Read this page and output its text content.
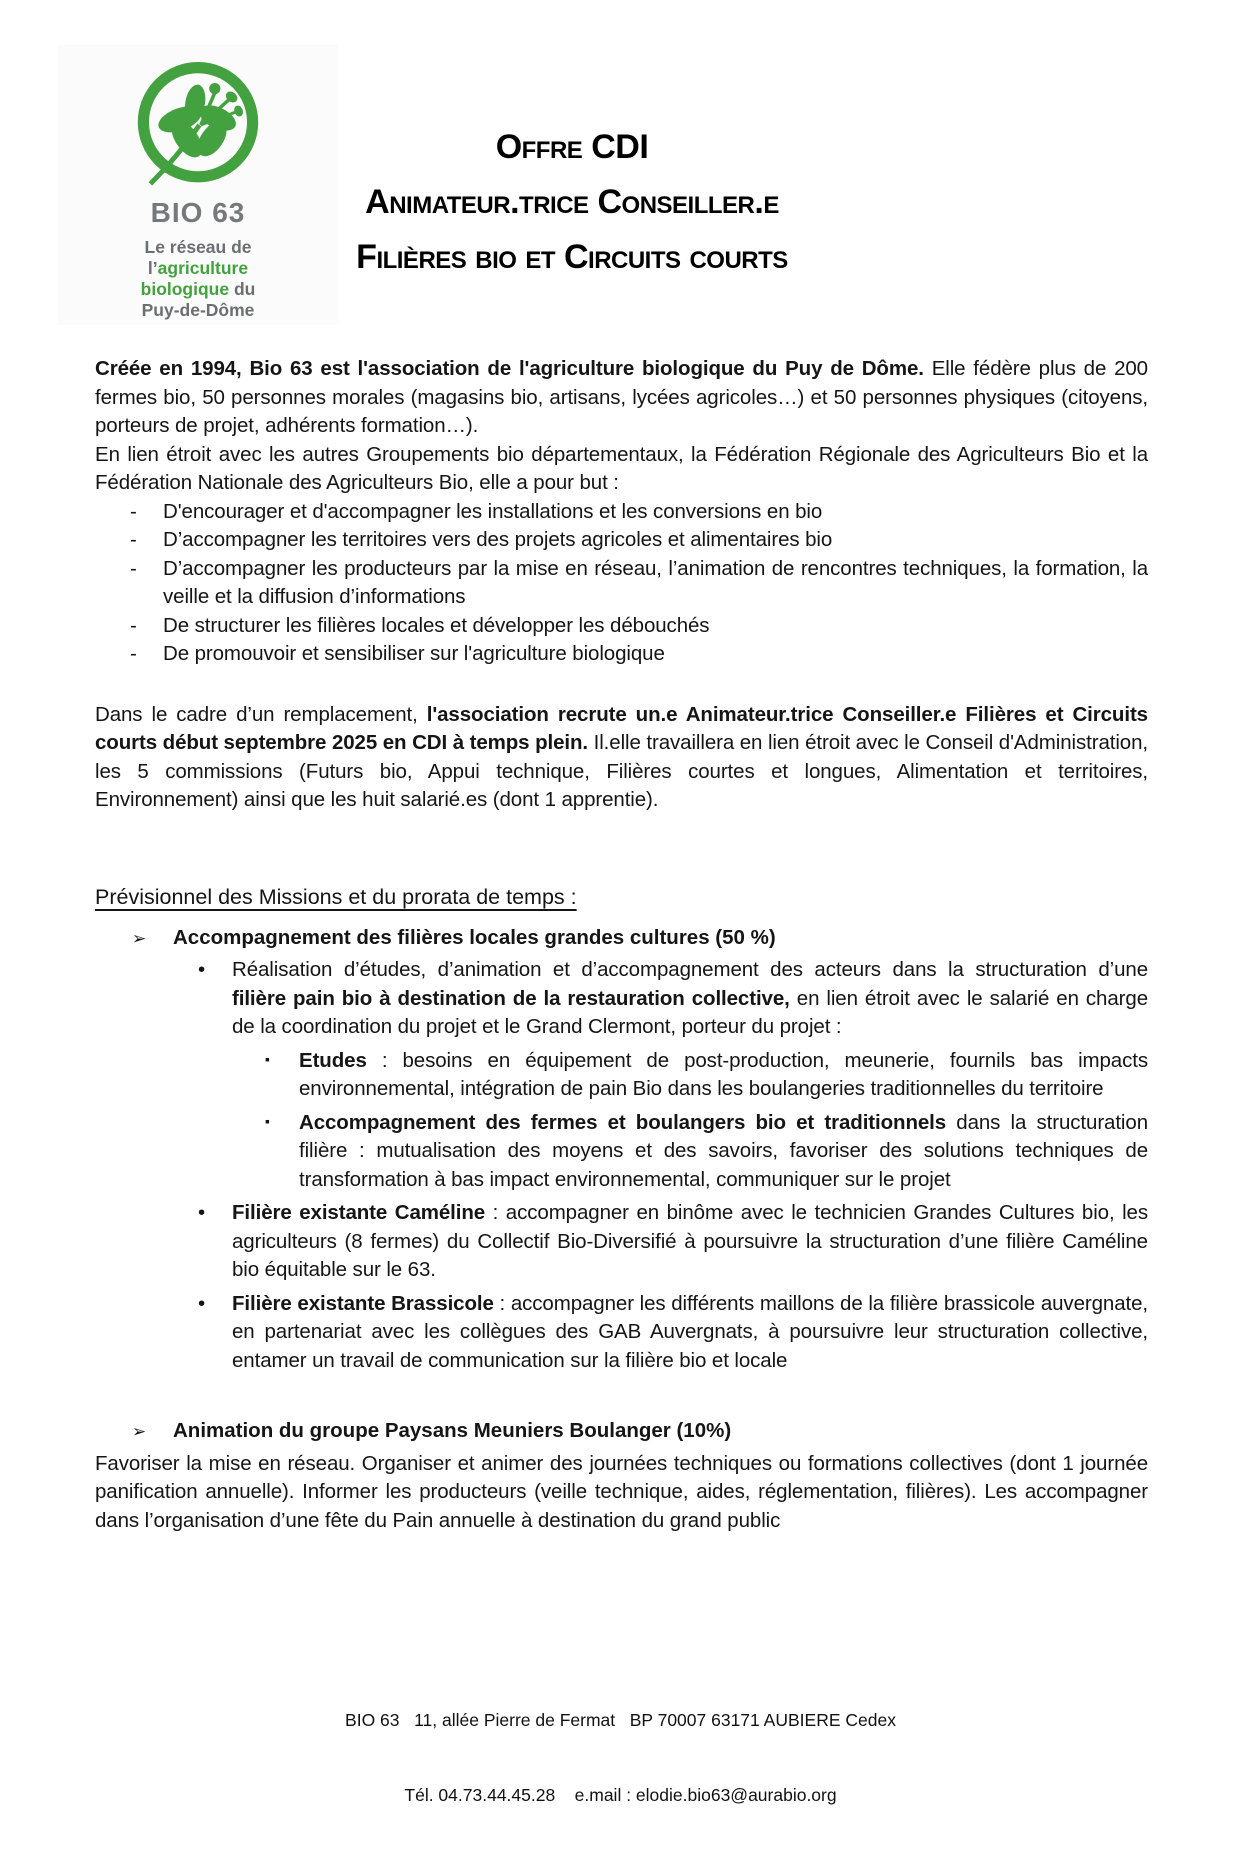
BIO 63
Le réseau de
l’agriculture
biologique du
Puy-de-Dôme
Offre CDI
Animateur.trice Conseiller.e
Filières bio et Circuits courts

Créée en 1994, Bio 63 est l'association de l'agriculture biologique du Puy de Dôme. Elle fédère plus de 200 fermes bio, 50 personnes morales (magasins bio, artisans, lycées agricoles…) et 50 personnes physiques (citoyens, porteurs de projet, adhérents formation…).

En lien étroit avec les autres Groupements bio départementaux, la Fédération Régionale des Agriculteurs Bio et la Fédération Nationale des Agriculteurs Bio, elle a pour but :

- D'encourager et d'accompagner les installations et les conversions en bio
- D’accompagner les territoires vers des projets agricoles et alimentaires bio
- D’accompagner les producteurs par la mise en réseau, l’animation de rencontres techniques, la formation, la veille et la diffusion d’informations
- De structurer les filières locales et développer les débouchés
- De promouvoir et sensibiliser sur l'agriculture biologique

Dans le cadre d’un remplacement, l'association recrute un.e Animateur.trice Conseiller.e Filières et Circuits courts début septembre 2025 en CDI à temps plein. Il.elle travaillera en lien étroit avec le Conseil d'Administration, les 5 commissions (Futurs bio, Appui technique, Filières courtes et longues, Alimentation et territoires, Environnement) ainsi que les huit salarié.es (dont 1 apprentie).

Prévisionnel des Missions et du prorata de temps :
➢ Accompagnement des filières locales grandes cultures (50 %)
• Réalisation d’études, d’animation et d’accompagnement des acteurs dans la structuration d’une filière pain bio à destination de la restauration collective, en lien étroit avec le salarié en charge de la coordination du projet et le Grand Clermont, porteur du projet :

▪ Etudes : besoins en équipement de post-production, meunerie, fournils bas impacts environnemental, intégration de pain Bio dans les boulangeries traditionnelles du territoire

▪ Accompagnement des fermes et boulangers bio et traditionnels dans la structuration filière : mutualisation des moyens et des savoirs, favoriser des solutions techniques de transformation à bas impact environnemental, communiquer sur le projet

• Filière existante Caméline : accompagner en binôme avec le technicien Grandes Cultures bio, les agriculteurs (8 fermes) du Collectif Bio-Diversifié à poursuivre la structuration d’une filière Caméline bio équitable sur le 63.

• Filière existante Brassicole : accompagner les différents maillons de la filière brassicole auvergnate, en partenariat avec les collègues des GAB Auvergnats, à poursuivre leur structuration collective, entamer un travail de communication sur la filière bio et locale

➢ Animation du groupe Paysans Meuniers Boulanger (10%)

Favoriser la mise en réseau. Organiser et animer des journées techniques ou formations collectives (dont 1 journée panification annuelle). Informer les producteurs (veille technique, aides, réglementation, filières). Les accompagner dans l’organisation d’une fête du Pain annuelle à destination du grand public

BIO 63   11, allée Pierre de Fermat   BP 70007 63171 AUBIERE Cedex

Tél. 04.73.44.45.28    e.mail : elodie.bio63@aurabio.org
